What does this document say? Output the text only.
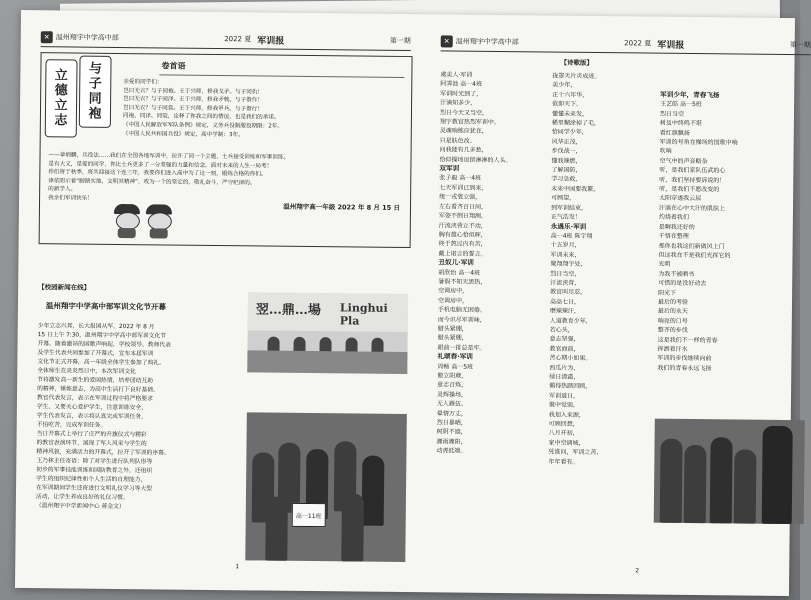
✕ 温州翔宇中学高中部	2022 夏 军训报	第一期
立
德
立
志
与
子
同
袍
卷首语

亲爱的同学们：

岂曰无衣？与子同袍。王于兴师，修我戈矛。与子同仇！

岂曰无衣？与子同泽。王于兴师，修我矛戟。与子偕作！

岂曰无衣？与子同裳。王于兴师，修我甲兵。与子偕行！

同袍、同泽、同裳，诠释了你我之间的情谊，也是我们的承诺。

《中国人民解放军军队条例》规定，义务兵役制服役期限：2年。

《中国人民共和国兵役》规定，高中学制：3年。

——章炳麟，兵役法……我们在全国各地军训中，拉开了同一个主题，士兵接受训练和军事训练。

是有大义，是爱的同学，你比士兵更多了一分坚强的力量和信念，面对未来的人生一局考！

你们将于秋季，将共迎接这个连三年，我要你们进入高中为了这一刻，锻炼合格的你们。

律依昭示着“脚踏实地，文明其精神”，或为一个的坚定的，敬礼奋斗，严守纪律的。

的新学人。

我亲们军训快乐！

温州翔宇高一年级 2022 年 8 月 15 日
【校园新闻在线】
温州翔宇中学高中部军训文化节开幕

少年立志兴邦，长大报国从军。2022 年 8 月

15 日上午 7:30，温州翔宇中学高中部军训文化节

开幕。随着激昂的国歌声响起，学校领导、教师代表

及学生代表共同参加了开幕式，宣布本届军训

文化节正式开幕，高一年级全体学生参加了典礼。

全体师生在炎炎烈日中，本次军训文化

节将激发高一新生的爱国热情，培养团结互助

的精神，锤炼意志，为高中生活打下良好基础。

教官代表发言，表示在军训过程中将严格要求

学生，又要关心爱护学生，注意训练安全，

学生代表发言，表示将认真完成军训任务，

不怕吃苦，完成军训任务。

当日开幕式上举行了庄严的升旗仪式与精彩

的教官表演环节，展现了军人风采与学生的

精神风貌，充满活力的开幕式，拉开了军训的序幕。

王乃林主任寄语：除了对学生进行队列队形等

初步的军事技能训练和国防教育之外，还组织

学生的组织纪律性和个人生活的自理能力，

在军训期间学生还将进行文明礼仪学习等大型

活动，让学生养成良好的礼仪习惯。

（温州翔宇中学新闻中心 蒋金文）

翌…鼎…場 Linghui Pla
高一11班
1
✕ 温州翔宇中学高中部	2022 夏 军训报	第一期
【诗歌版】

虞美人·军训

阿霁池 高一4班

军训时光到了，

汗滴知多少，

烈日今天又当空，

翔宇教官热烈军训中。

灵魂响练应犹在，

只是肤色改。

问我能有几多愁，

恰似操场逗留淋淋的人头。

双军训

张子毅 高一4班

七天军训已到来，

统一戎装立强，

左右看齐百日间，

军姿不倒日翔测。

汗流浃背立不动，

胸有雄心恰似晖，

终于熬过内有苦，

戴上诺言的誓言。

丑奴儿·军训

胡欣怡 高一4班

暑假不知天黑热，

空调房中，

空调房中，

手机电脑无困倦。

而今识尽军训味，

腊头紧绷，

腊头紧绷，

眼前一排总是牢。

礼颂春·军训

周畅 高一5班

傲立阳葳，

意志百炼，

灵辉操场，

无人雁伍。

晕情万丈，

烈日暴晒，

树阴不遮，

骤雨骤阳，

动虎低端。

拢罩天片炎成迹。

美少年，

正十六年华，

欲即天下。

懂懂未来发，

稀里糊涂掉了毛，

恰同学少年，

风华正茂，

步伐战一，

懂我辣燃，

了解国防，

学习急救，

未来中国要我繁，

可顾望，

到军训结束，

正气浩发！

永遇乐·军训

高一4班 陈宇翔

十五岁月，

军训未来，

聚翔翔宇处，

烈日当空，

汗流浃背，

教官叫尽忍，

高高七日，

磨辣辣汗，

人道教育少年，

若心头，

意志坚强，

教官面前，

苦心期小如果。

西瓜片为，

绿日清霜，

佩得热踏回顾，

军训道日，

聚中觉弱，

我划入来源，

可顾回想，

八月开初，

家中空调城，

凭谁问，军训之苦，

年年看有。

军训少年，青春飞扬

王艺皓 高一5班

烈日当空

树及中终鸣不堪

看红旗飘扬

军训的号角在操场的国歌中响

吹响

空气中的声音略杂

听，是我们家队伍武的心

听，我们坚持要诉说的！

听，是我们不愿改变的

太阳穿透我云层

汗滴在心中大汗的肌肤上

灼烧着我们

是啊我还好的

干悟在整理

那你也我这们新做风上门

但这我在不是我们光挥它的

光明

为我不被晒书

可惜的是没好动去

阳光下

最后的考验

最后的永天

响亮的口号

整齐的步伐

这是我们不一样的青春

挥洒着汗水

军训的步伐继续向前

我们的青春永远飞扬

2
